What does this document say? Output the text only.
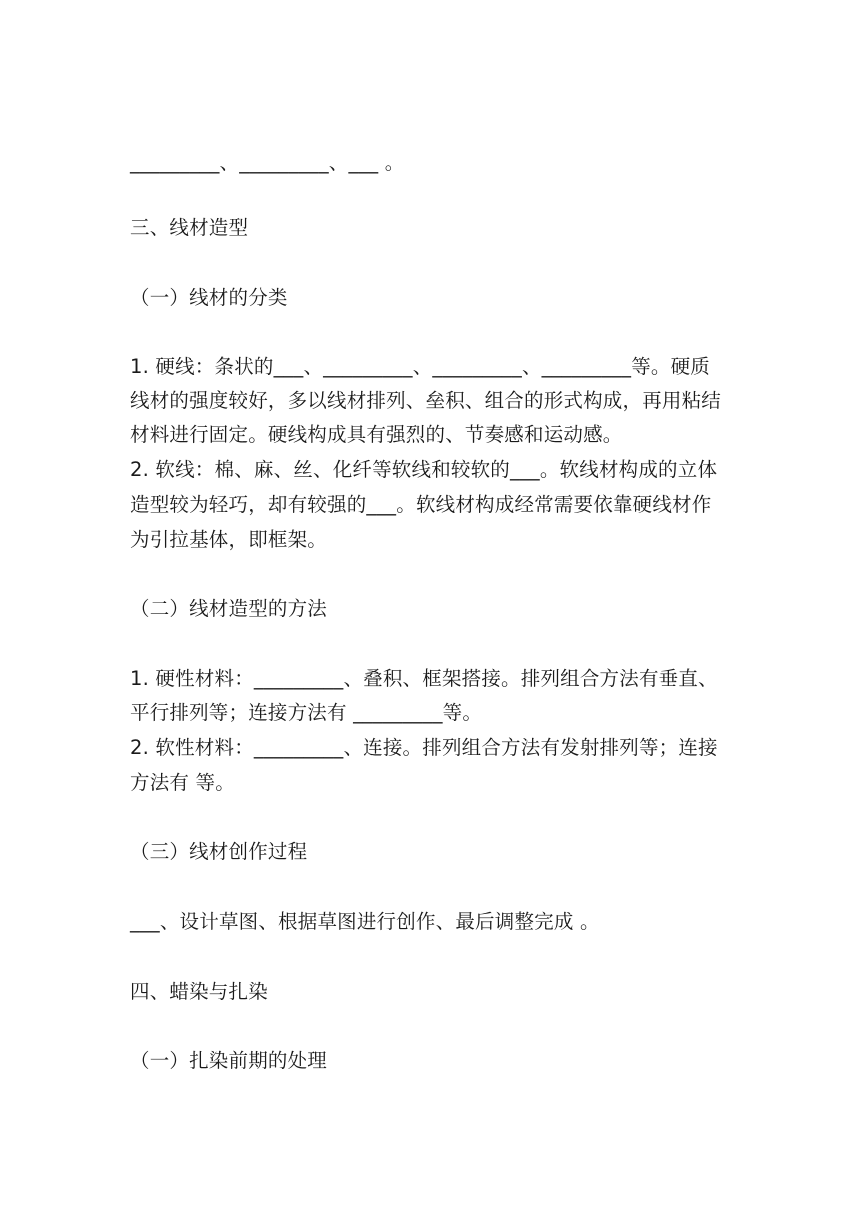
_________、_________、___ 。
三、线材造型
（一）线材的分类
1. 硬线：条状的___、_________、_________、_________等。硬质
线材的强度较好，多以线材排列、垒积、组合的形式构成，再用粘结
材料进行固定。硬线构成具有强烈的、节奏感和运动感。
2. 软线：棉、麻、丝、化纤等软线和较软的___。软线材构成的立体
造型较为轻巧，却有较强的___。软线材构成经常需要依靠硬线材作
为引拉基体，即框架。
（二）线材造型的方法
1. 硬性材料：_________、叠积、框架搭接。排列组合方法有垂直、
平行排列等；连接方法有 _________等。
2. 软性材料：_________、连接。排列组合方法有发射排列等；连接
方法有 等。
（三）线材创作过程
___、设计草图、根据草图进行创作、最后调整完成 。
四、蜡染与扎染
（一）扎染前期的处理
